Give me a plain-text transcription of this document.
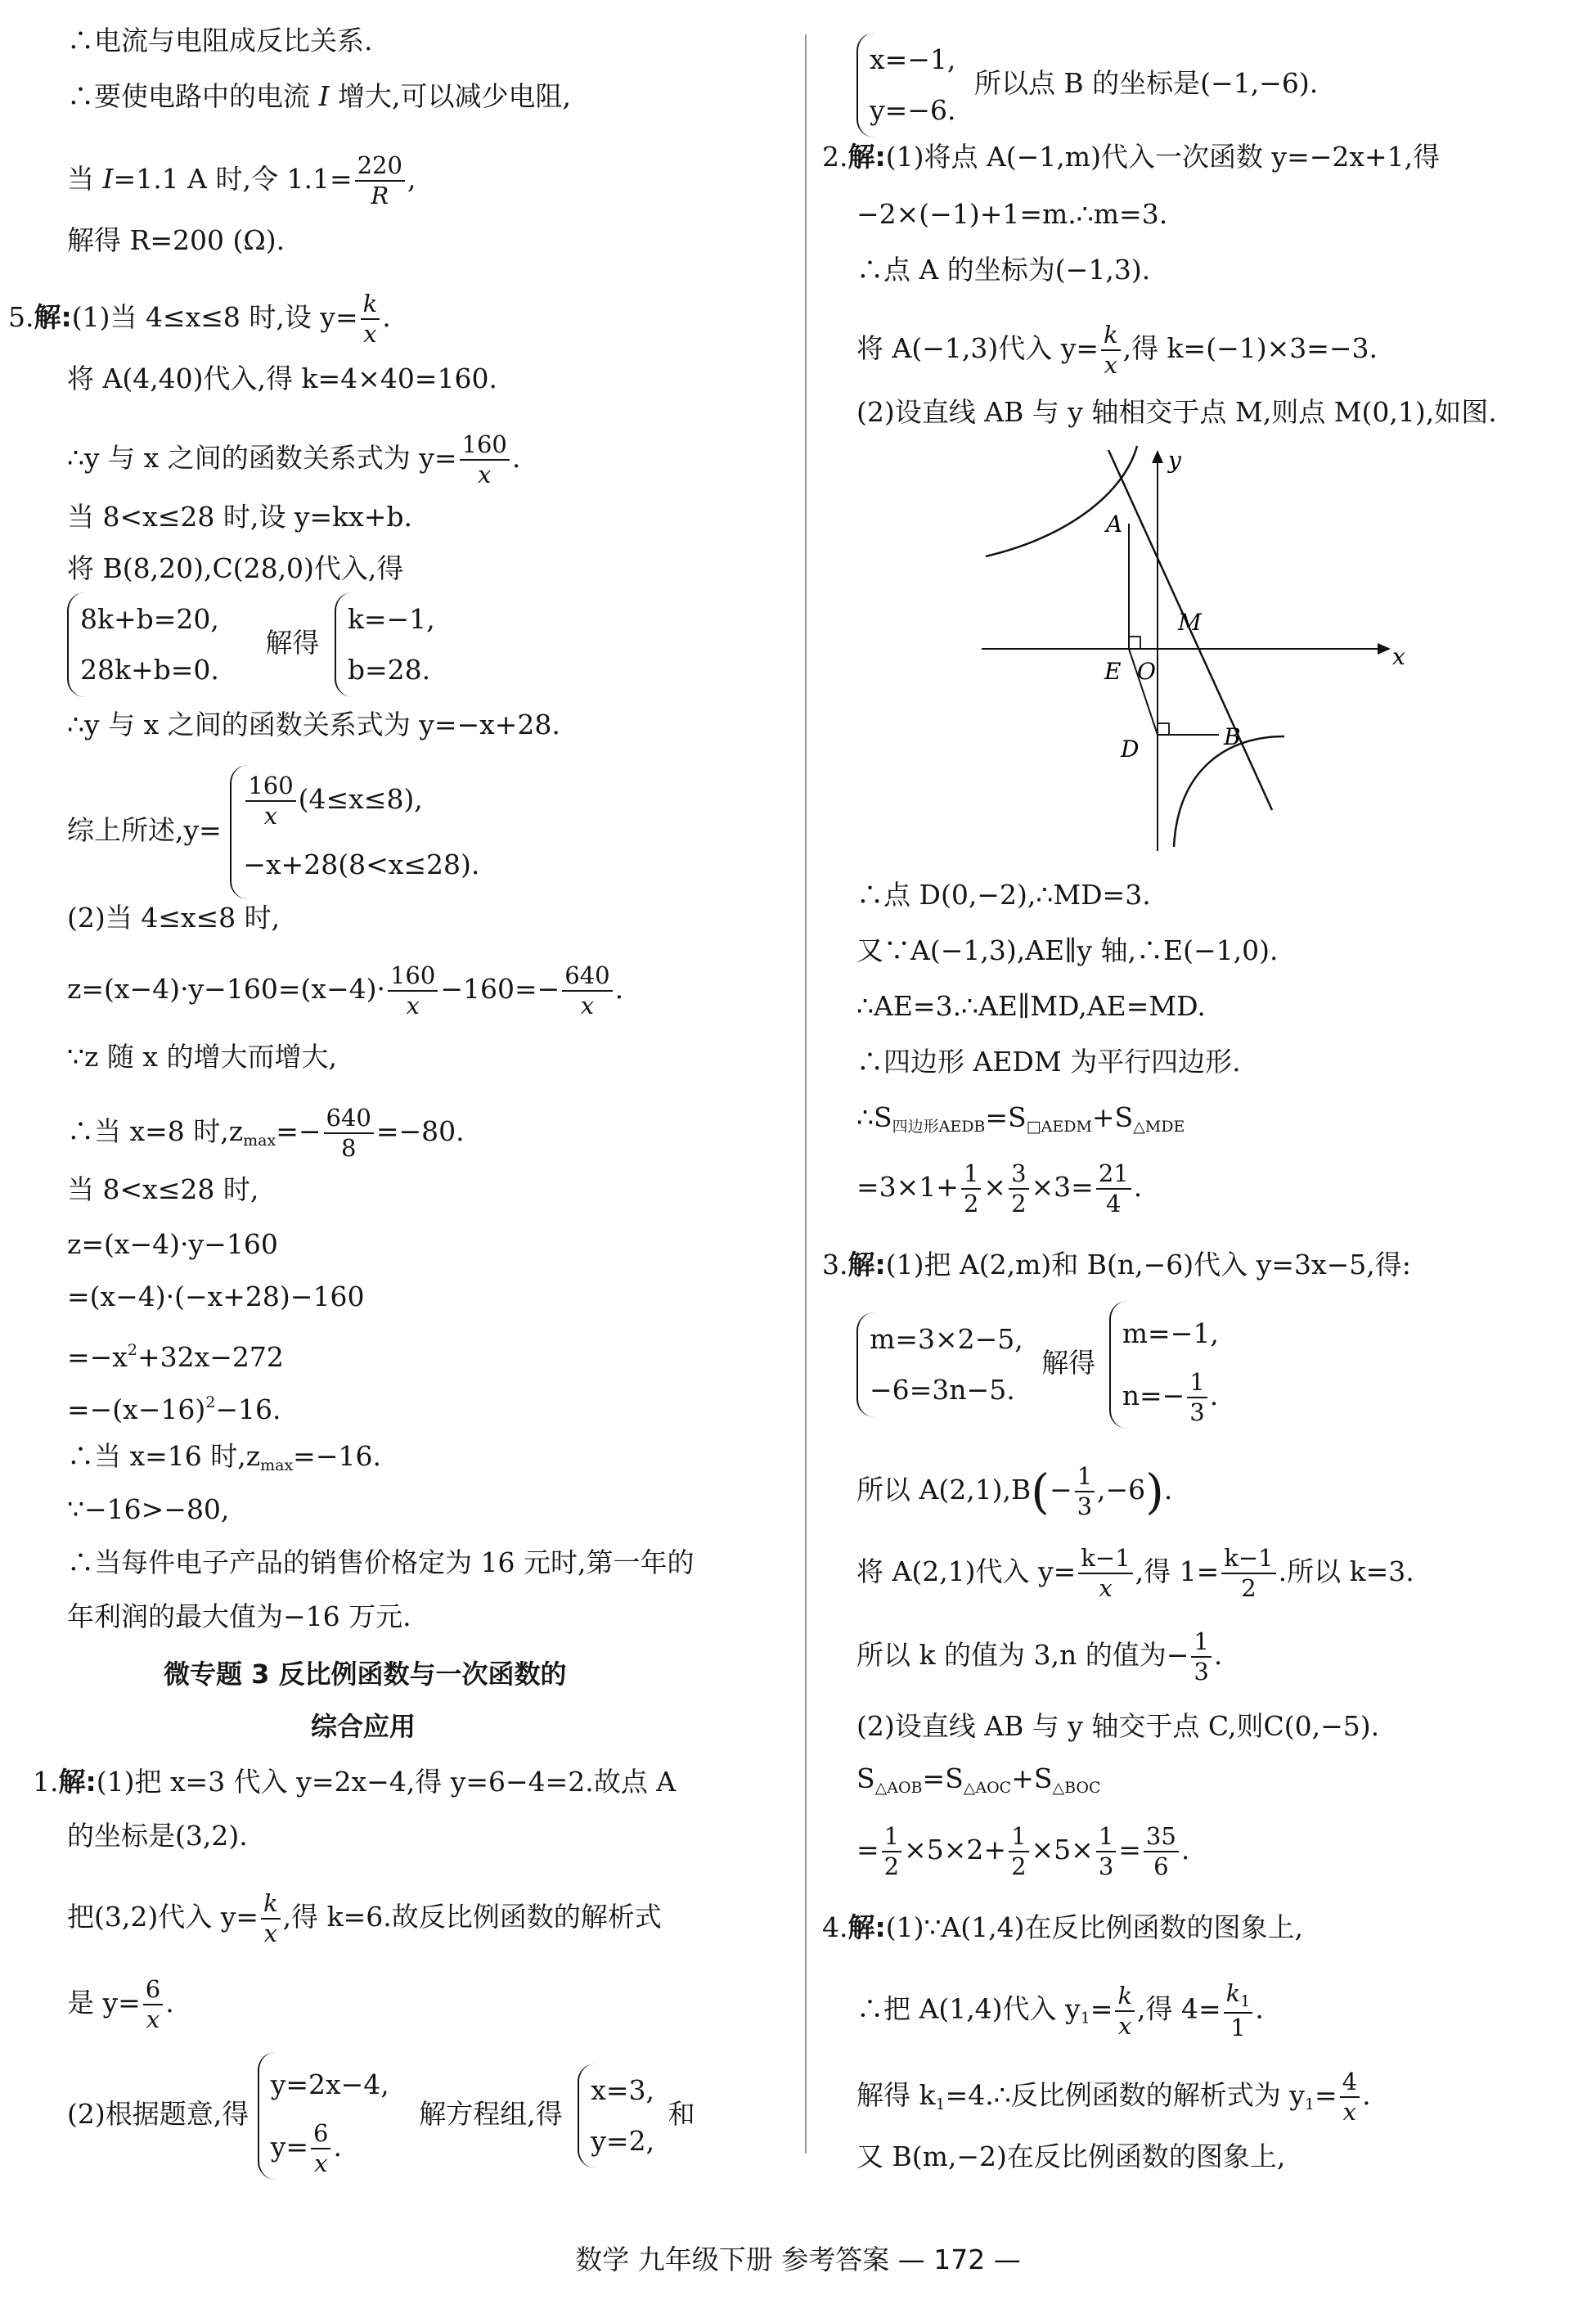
∴电流与电阻成反比关系.
∴要使电路中的电流 I 增大,可以减少电阻,
当 I=1.1 A 时,令 $1.1= \frac{220}{R}$ ,
解得 R=200 (Ω).
5.解:(1)当 4≤x≤8 时,设 $y= \frac{k}{x}$ .
将 A(4,40)代入,得 k=4×40=160.
∴y 与 x 之间的函数关系式为 $y= \frac{160}{x}$ .
当 8<x≤28 时,设 y=kx+b.
将 B(8,20),C(28,0)代入,得
8k+b=20,
28k+b=0.
解得
k=−1,
b=28.
∴y 与 x 之间的函数关系式为 y=−x+28.
综上所述,y=
$\frac{160}{x} (4\le x\le 8)$,
−x+28(8<x≤28).
(2)当 4≤x≤8 时,
$z=(x-4)\cdot y-160=(x-4)\cdot \frac{160}{x} -160=- \frac{640}{x}$ .
∵z 随 x 的增大而增大,
∴当 x=8 时$,z_{max}=- \frac{640}{8} =-80$.
当 8<x≤28 时,
z=(x−4)·y−160
=(x−4)·(−x+28)−160
$=-x^2+32x-272$
$=-(x-16)^2-16$.
∴当 x=16 时$,z_{max}=-16$.
∵−16>−80,
∴当每件电子产品的销售价格定为 16 元时,第一年的
年利润的最大值为−16 万元.
微专题 3 反比例函数与一次函数的
综合应用
1.解:(1)把 x=3 代入 y=2x−4,得 y=6−4=2.故点 A
的坐标是(3,2).
把(3,2)代入 $y= \frac{k}{x}$ ,得 k=6.故反比例函数的解析式
是 $y= \frac{6}{x}$ .
(2)根据题意,得
y=2x−4,
$y= \frac{6}{x}$ .
解方程组,得
x=3,
y=2,
和
x=−1,
y=−6.
所以点 B 的坐标是(−1,−6).
2.解:(1)将点 A(−1,m)代入一次函数 y=−2x+1,得
−2×(−1)+1=m.∴m=3.
∴点 A 的坐标为(−1,3).
将 A(−1,3)代入 $y= \frac{k}{x}$ ,得 k=(−1)×3=−3.
(2)设直线 AB 与 y 轴相交于点 M,则点 M(0,1),如图.
A
M
E O
D	B
x
y
∴点 D(0,−2),∴MD=3.
又∵A(−1,3),AE∥y 轴,∴E(−1,0).
∴AE=3.∴AE∥MD,AE=MD.
∴四边形 AEDM 为平行四边形.
$\therefore S_{四边形AEDB}=S_{□AEDM}+S_{\triangle MDE}$
$=3\times 1+ \frac{1}{2} \times \frac{3}{2} \times 3= \frac{21}{4}$ .
3.解:(1)把 A(2,m)和 B(n,−6)代入 y=3x−5,得:
m=3×2−5,
−6=3n−5.
解得
m=−1,
$n=- \frac{1}{3}$ .
所以 $A(2,1),B(- \frac{1}{3} ,-6)$.
将 A(2,1)代入 $y= \frac{k-1}{x}$ ,得 $1= \frac{k-1}{2}$ .所以 k=3.
所以 k 的值为 3,n 的值为− $\frac{1}{3}$ .
(2)设直线 AB 与 y 轴交于点 C,则C(0,−5).
$S_{\triangle AOB}=S_{\triangle AOC}+S_{\triangle BOC}$
= $\frac{1}{2} \times 5\times 2+ \frac{1}{2} \times 5\times \frac{1}{3} = \frac{35}{6}$ .
4.解:(1)∵A(1,4)在反比例函数的图象上,
∴把 A(1,4)代入 $y_1= \frac{k}{x}$ ,得 $4= \frac{k_1}{1}$ .
解得 $k_1=4.\therefore$反比例函数的解析式为 $y_1= \frac{4}{x}$ .
又 B(m,−2)在反比例函数的图象上,
数学 九年级下册 参考答案 — 172 —
